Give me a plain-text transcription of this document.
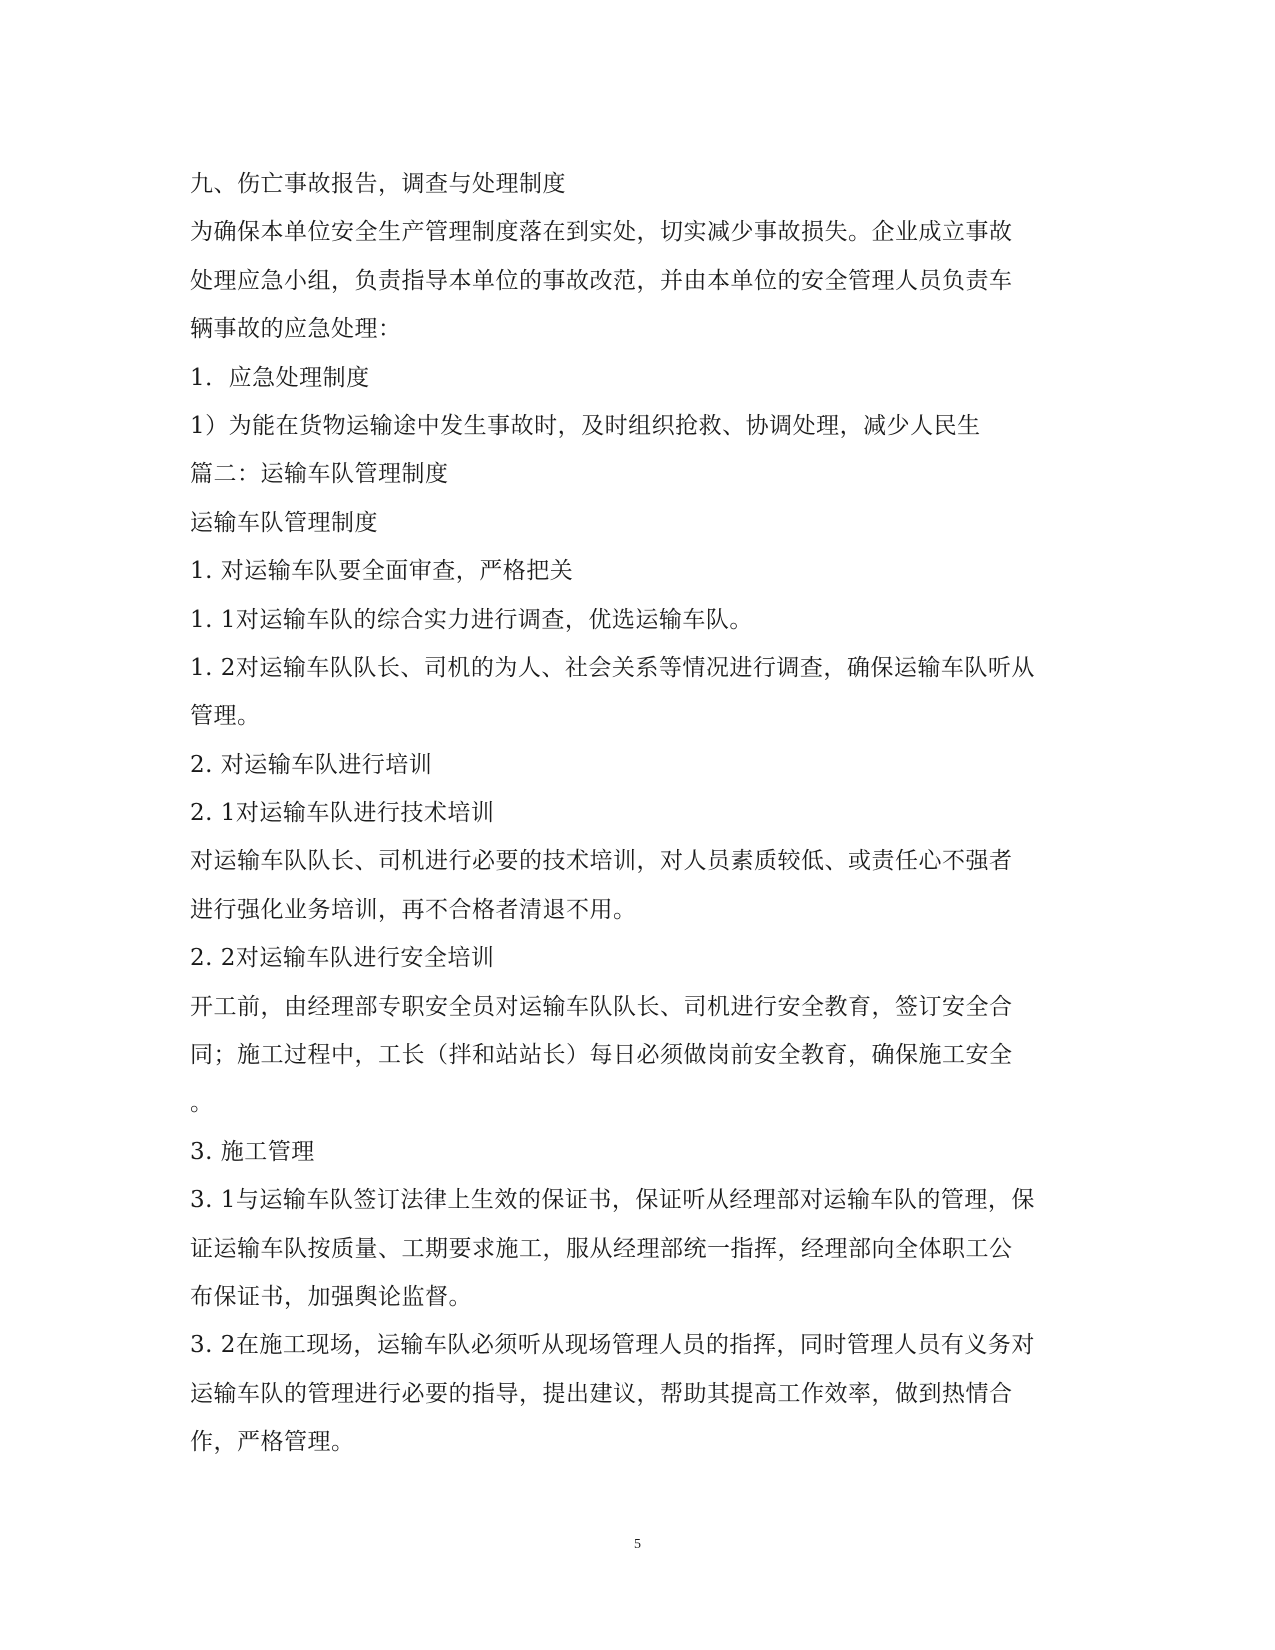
九、伤亡事故报告，调查与处理制度
为确保本单位安全生产管理制度落在到实处，切实减少事故损失。企业成立事故
处理应急小组，负责指导本单位的事故改范，并由本单位的安全管理人员负责车
辆事故的应急处理：
1．应急处理制度
1）为能在货物运输途中发生事故时，及时组织抢救、协调处理，减少人民生
篇二：运输车队管理制度
运输车队管理制度
1. 对运输车队要全面审查，严格把关
1. 1对运输车队的综合实力进行调查，优选运输车队。
1. 2对运输车队队长、司机的为人、社会关系等情况进行调查，确保运输车队听从
管理。
2. 对运输车队进行培训
2. 1对运输车队进行技术培训
对运输车队队长、司机进行必要的技术培训，对人员素质较低、或责任心不强者
进行强化业务培训，再不合格者清退不用。
2. 2对运输车队进行安全培训
开工前，由经理部专职安全员对运输车队队长、司机进行安全教育，签订安全合
同；施工过程中，工长（拌和站站长）每日必须做岗前安全教育，确保施工安全
。
3. 施工管理
3. 1与运输车队签订法律上生效的保证书，保证听从经理部对运输车队的管理，保
证运输车队按质量、工期要求施工，服从经理部统一指挥，经理部向全体职工公
布保证书，加强舆论监督。
3. 2在施工现场，运输车队必须听从现场管理人员的指挥，同时管理人员有义务对
运输车队的管理进行必要的指导，提出建议，帮助其提高工作效率，做到热情合
作，严格管理。
5
